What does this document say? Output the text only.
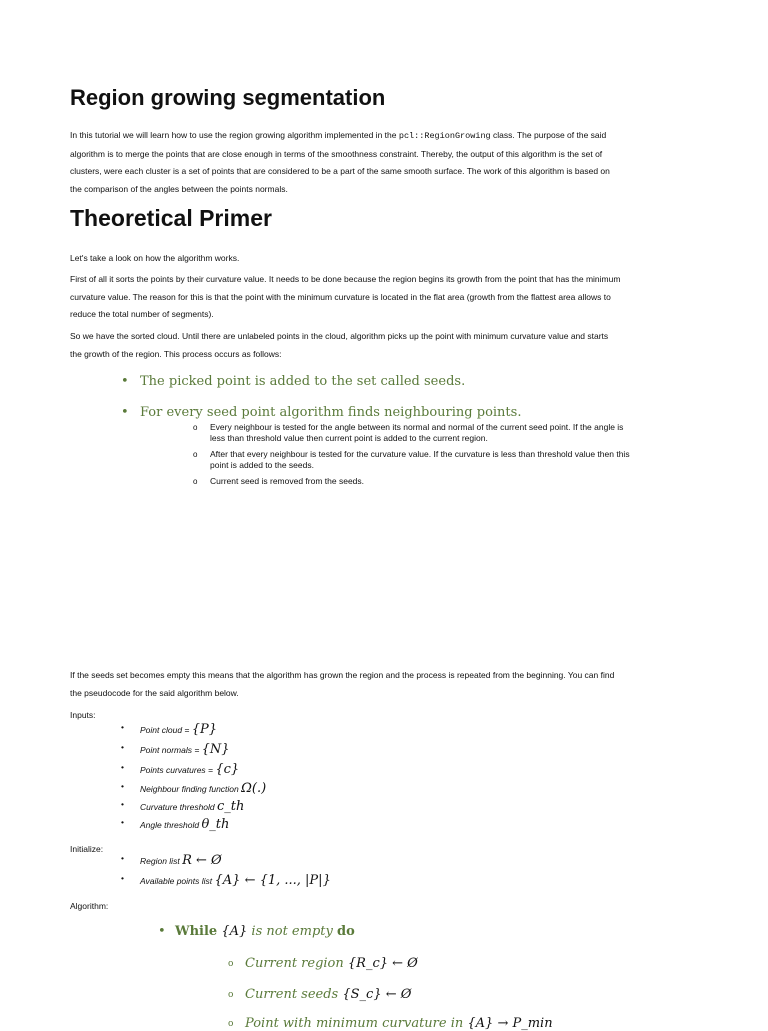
Region growing segmentation
In this tutorial we will learn how to use the region growing algorithm implemented in the pcl::RegionGrowing class. The purpose of the said
algorithm is to merge the points that are close enough in terms of the smoothness constraint. Thereby, the output of this algorithm is the set of
clusters, were each cluster is a set of points that are considered to be a part of the same smooth surface. The work of this algorithm is based on
the comparison of the angles between the points normals.
Theoretical Primer
Let's take a look on how the algorithm works.
First of all it sorts the points by their curvature value. It needs to be done because the region begins its growth from the point that has the minimum
curvature value. The reason for this is that the point with the minimum curvature is located in the flat area (growth from the flattest area allows to
reduce the total number of segments).
So we have the sorted cloud. Until there are unlabeled points in the cloud, algorithm picks up the point with minimum curvature value and starts
the growth of the region. This process occurs as follows:
• The picked point is added to the set called seeds.
• For every seed point algorithm finds neighbouring points.
o Every neighbour is tested for the angle between its normal and normal of the current seed point. If the angle is
less than threshold value then current point is added to the current region.
o After that every neighbour is tested for the curvature value. If the curvature is less than threshold value then this
point is added to the seeds.
o Current seed is removed from the seeds.
If the seeds set becomes empty this means that the algorithm has grown the region and the process is repeated from the beginning. You can find
the pseudocode for the said algorithm below.
Inputs:
• Point cloud = {P}
• Point normals = {N}
• Points curvatures = {c}
• Neighbour finding function Ω(.)
• Curvature threshold c_th
• Angle threshold θ_th
Initialize:
• Region list R ← Ø
• Available points list {A} ← {1, ..., |P|}
Algorithm:
• While {A} is not empty do
o Current region {R_c} ← Ø
o Current seeds {S_c} ← Ø
o Point with minimum curvature in {A} → P_min
